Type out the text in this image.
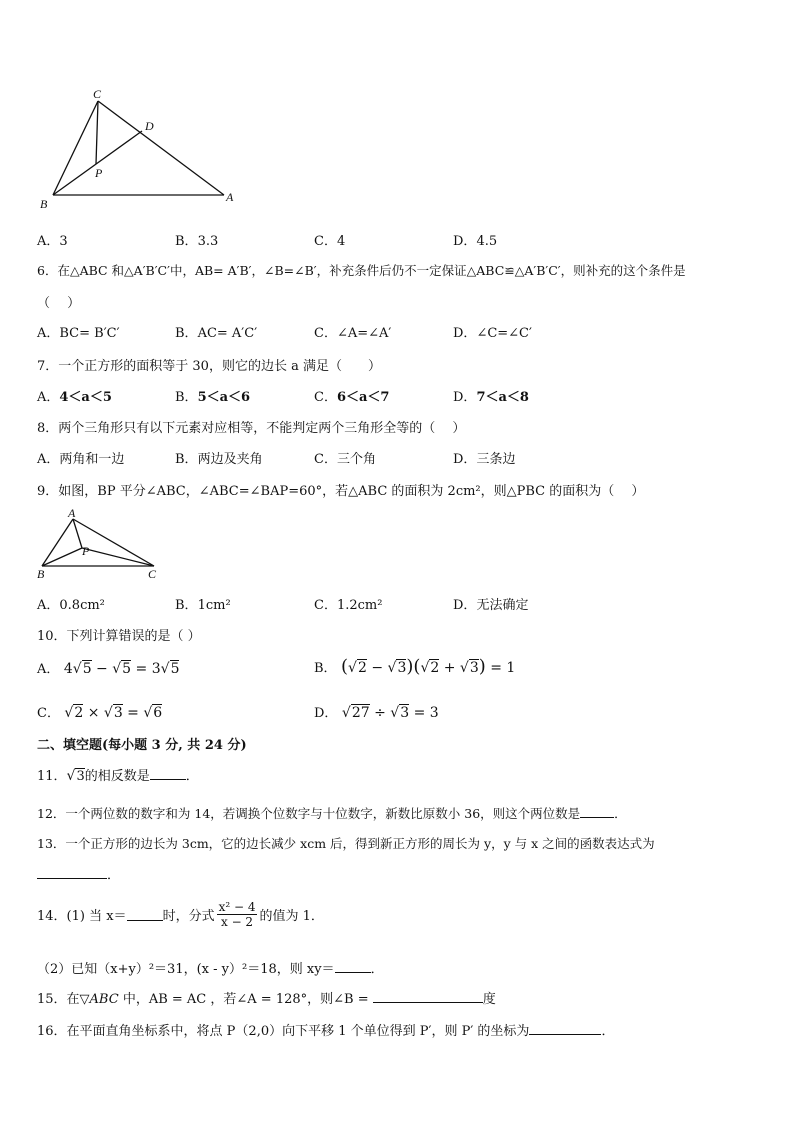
C
D
P
B	A
A．3	B．3.3	C．4	D．4.5
6．在△ABC 和△A′B′C′中，AB= A′B′，∠B=∠B′，补充条件后仍不一定保证△ABC≌△A′B′C′，则补充的这个条件是
（　 ）
A．BC= B′C′	B．AC= A′C′	C．∠A=∠A′	D．∠C=∠C′
7．一个正方形的面积等于 30，则它的边长 a 满足（　　）
A．4＜a＜5	B．5＜a＜6	C．6＜a＜7	D．7＜a＜8
8．两个三角形只有以下元素对应相等，不能判定两个三角形全等的（　 ）
A．两角和一边	B．两边及夹角	C．三个角	D．三条边
9．如图，BP 平分∠ABC，∠ABC=∠BAP=60°，若△ABC 的面积为 2cm²，则△PBC 的面积为（　 ）
A
P
B	C
A．0.8cm²	B．1cm²	C．1.2cm²	D．无法确定
10．下列计算错误的是（ ）
A． 4√5 − √5 = 3√5	B． (√2 − √3)(√2 + √3) = 1
C． √2 × √3 = √6	D． √27 ÷ √3 = 3
二、填空题(每小题 3 分, 共 24 分)
11．√3的相反数是	．
12．一个两位数的数字和为 14，若调换个位数字与十位数字，新数比原数小 36，则这个两位数是	．
13．一个正方形的边长为 3cm，它的边长减少 xcm 后，得到新正方形的周长为 y，y 与 x 之间的函数表达式为
．
14．(1) 当 x＝	时，分式 $\frac{\text{x² − 4}}{x - 2}$ 的值为 1．
（2）已知（x+y）²＝31，(x - y）²＝18，则 xy＝	．
15．在▽ABC 中，AB = AC ，若∠A = 128°，则∠B =	度
16．在平面直角坐标系中，将点 P（2,0）向下平移 1 个单位得到 P′，则 P′ 的坐标为	．
